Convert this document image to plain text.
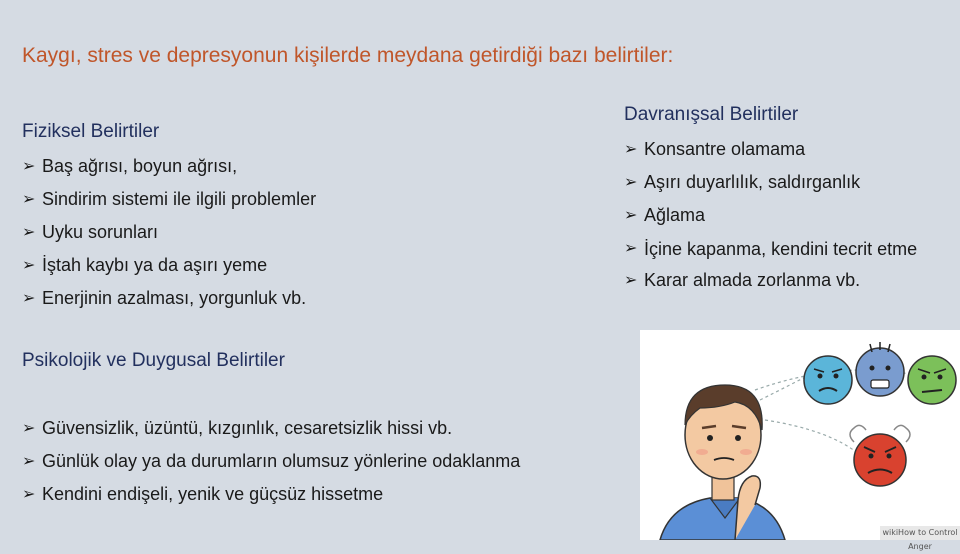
Kaygı, stres ve depresyonun kişilerde meydana getirdiği bazı belirtiler:
Fiziksel Belirtiler
➢ Baş ağrısı, boyun ağrısı,
➢ Sindirim sistemi ile ilgili problemler
➢ Uyku sorunları
➢ İştah kaybı ya da aşırı yeme
➢ Enerjinin azalması, yorgunluk vb.
Davranışsal Belirtiler
➢ Konsantre olamama
➢ Aşırı duyarlılık, saldırganlık
➢ Ağlama
➢ İçine kapanma, kendini tecrit etme
➢ Karar almada zorlanma vb.
Psikolojik ve Duygusal Belirtiler
➢ Güvensizlik, üzüntü, kızgınlık, cesaretsizlik hissi vb.
➢ Günlük olay ya da durumların olumsuz yönlerine odaklanma
➢ Kendini endişeli, yenik ve güçsüz hissetme
wikiHow to Control Anger
